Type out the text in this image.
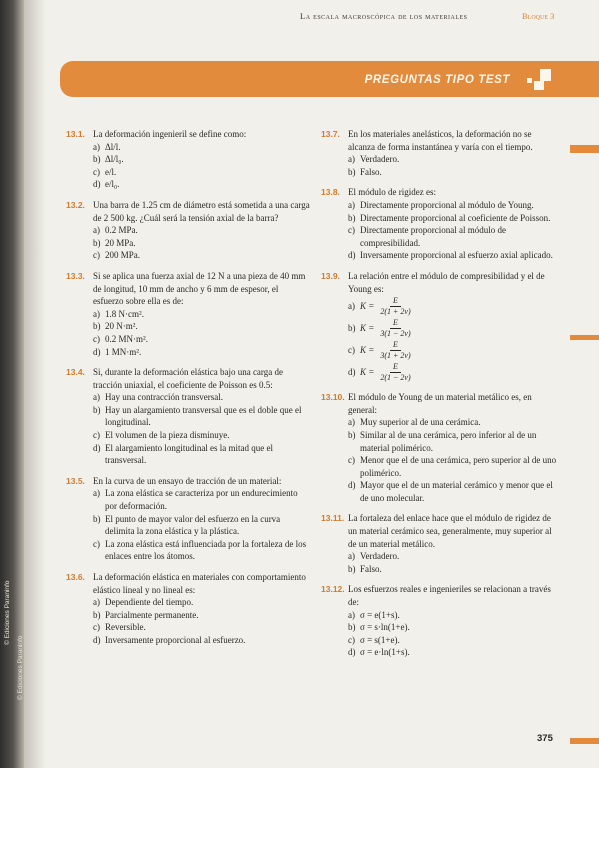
© Ediciones Paraninfo
© Ediciones Paraninfo
La escala macroscópica de los materiales	Bloque 3
PREGUNTAS TIPO TEST
13.1. La deformación ingenieril se define como:
a) Δl/l.
b) Δl/l₀.
c) e/l.
d) e/l₀.
13.2. Una barra de 1.25 cm de diámetro está sometida a una carga de 2 500 kg. ¿Cuál será la tensión axial de la barra?
a) 0.2 MPa.
b) 20 MPa.
c) 200 MPa.
13.3. Si se aplica una fuerza axial de 12 N a una pieza de 40 mm de longitud, 10 mm de ancho y 6 mm de espesor, el esfuerzo sobre ella es de:
a) 1.8 N·cm².
b) 20 N·m².
c) 0.2 MN·m².
d) 1 MN·m².
13.4. Si, durante la deformación elástica bajo una carga de tracción uniaxial, el coeficiente de Poisson es 0.5:
a) Hay una contracción transversal.
b) Hay un alargamiento transversal que es el doble que el longitudinal.
c) El volumen de la pieza disminuye.
d) El alargamiento longitudinal es la mitad que el transversal.
13.5. En la curva de un ensayo de tracción de un material:
a) La zona elástica se caracteriza por un endurecimiento por deformación.
b) El punto de mayor valor del esfuerzo en la curva delimita la zona elástica y la plástica.
c) La zona elástica está influenciada por la fortaleza de los enlaces entre los átomos.
13.6. La deformación elástica en materiales con comportamiento elástico lineal y no lineal es:
a) Dependiente del tiempo.
b) Parcialmente permanente.
c) Reversible.
d) Inversamente proporcional al esfuerzo.
13.7. En los materiales anelásticos, la deformación no se alcanza de forma instantánea y varía con el tiempo.
a) Verdadero.
b) Falso.
13.8. El módulo de rigidez es:
a) Directamente proporcional al módulo de Young.
b) Directamente proporcional al coeficiente de Poisson.
c) Directamente proporcional al módulo de compresibilidad.
d) Inversamente proporcional al esfuerzo axial aplicado.
13.9. La relación entre el módulo de compresibilidad y el de Young es:
a) $K = \frac{E}{2(1 + 2\nu)}$
b) $K = \frac{E}{3(1 - 2\nu)}$
c) $K = \frac{E}{3(1 + 2\nu)}$
d) $K = \frac{E}{2(1 - 2\nu)}$
13.10. El módulo de Young de un material metálico es, en general:
a) Muy superior al de una cerámica.
b) Similar al de una cerámica, pero inferior al de un material polimérico.
c) Menor que el de una cerámica, pero superior al de uno polimérico.
d) Mayor que el de un material cerámico y menor que el de uno molecular.
13.11. La fortaleza del enlace hace que el módulo de rigidez de un material cerámico sea, generalmente, muy superior al de un material metálico.
a) Verdadero.
b) Falso.
13.12. Los esfuerzos reales e ingenieriles se relacionan a través de:
a) σ = e(1+s).
b) σ = s·ln(1+e).
c) σ = s(1+e).
d) σ = e·ln(1+s).
375
